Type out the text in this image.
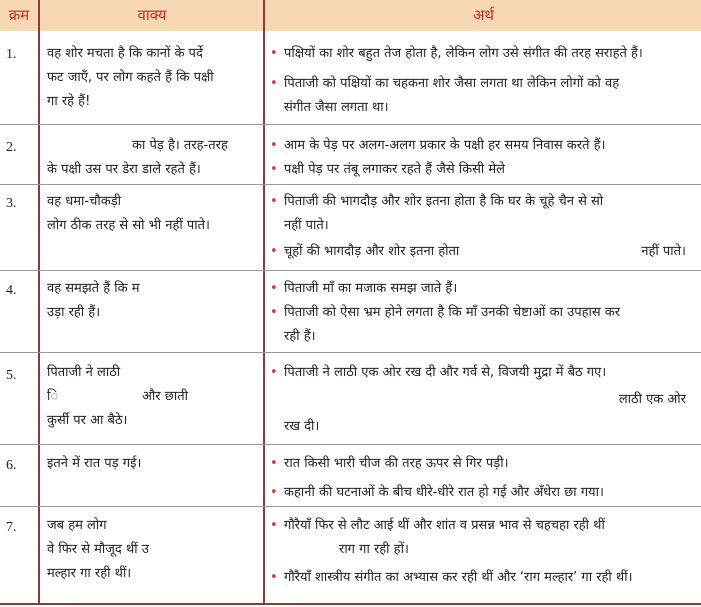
क्रम	वाक्य	अर्थ
1. वह शोर मचता है कि कानों के पर्दे
फट जाएँ, पर लोग कहते हैं कि पक्षी
गा रहे हैं!
• पक्षियों का शोर बहुत तेज होता है, लेकिन लोग उसे संगीत की तरह सराहते हैं।
• पिताजी को पक्षियों का चहकना शोर जैसा लगता था लेकिन लोगों को वह
संगीत जैसा लगता था।
2.	का पेड़ है। तरह-तरह
के पक्षी उस पर डेरा डाले रहते हैं।
• आम के पेड़ पर अलग-अलग प्रकार के पक्षी हर समय निवास करते हैं।
• पक्षी पेड़ पर तंबू लगाकर रहते हैं जैसे किसी मेले
3. वह धमा-चौकड़ी
लोग ठीक तरह से सो भी नहीं पाते।
• पिताजी की भागदौड़ और शोर इतना होता है कि घर के चूहे चैन से सो
नहीं पाते।
• चूहों की भागदौड़ और शोर इतना होता	नहीं पाते।
4. वह समझते हैं कि म
उड़ा रही हैं।
• पिताजी माँ का मजाक समझ जाते हैं।
• पिताजी को ऐसा भ्रम होने लगता है कि माँ उनकी चेष्टाओं का उपहास कर
रही हैं।
5. पिताजी ने लाठी
ि	और छाती
कुर्सी पर आ बैठे।
• पिताजी ने लाठी एक ओर रख दी और गर्व से, विजयी मुद्रा में बैठ गए।
लाठी एक ओर
रख दी।
6. इतने में रात पड़ गई।	• रात किसी भारी चीज की तरह ऊपर से गिर पड़ी।
• कहानी की घटनाओं के बीच धीरे-धीरे रात हो गई और अँधेरा छा गया।
7. जब हम लोग
वे फिर से मौजूद थीं उ
मल्हार गा रही थीं।
• गौरैयाँ फिर से लौट आई थीं और शांत व प्रसन्न भाव से चहचहा रही थीं
राग गा रही हों।
• गौरैयाँ शास्त्रीय संगीत का अभ्यास कर रही थीं और ‘राग मल्हार’ गा रही थीं।
